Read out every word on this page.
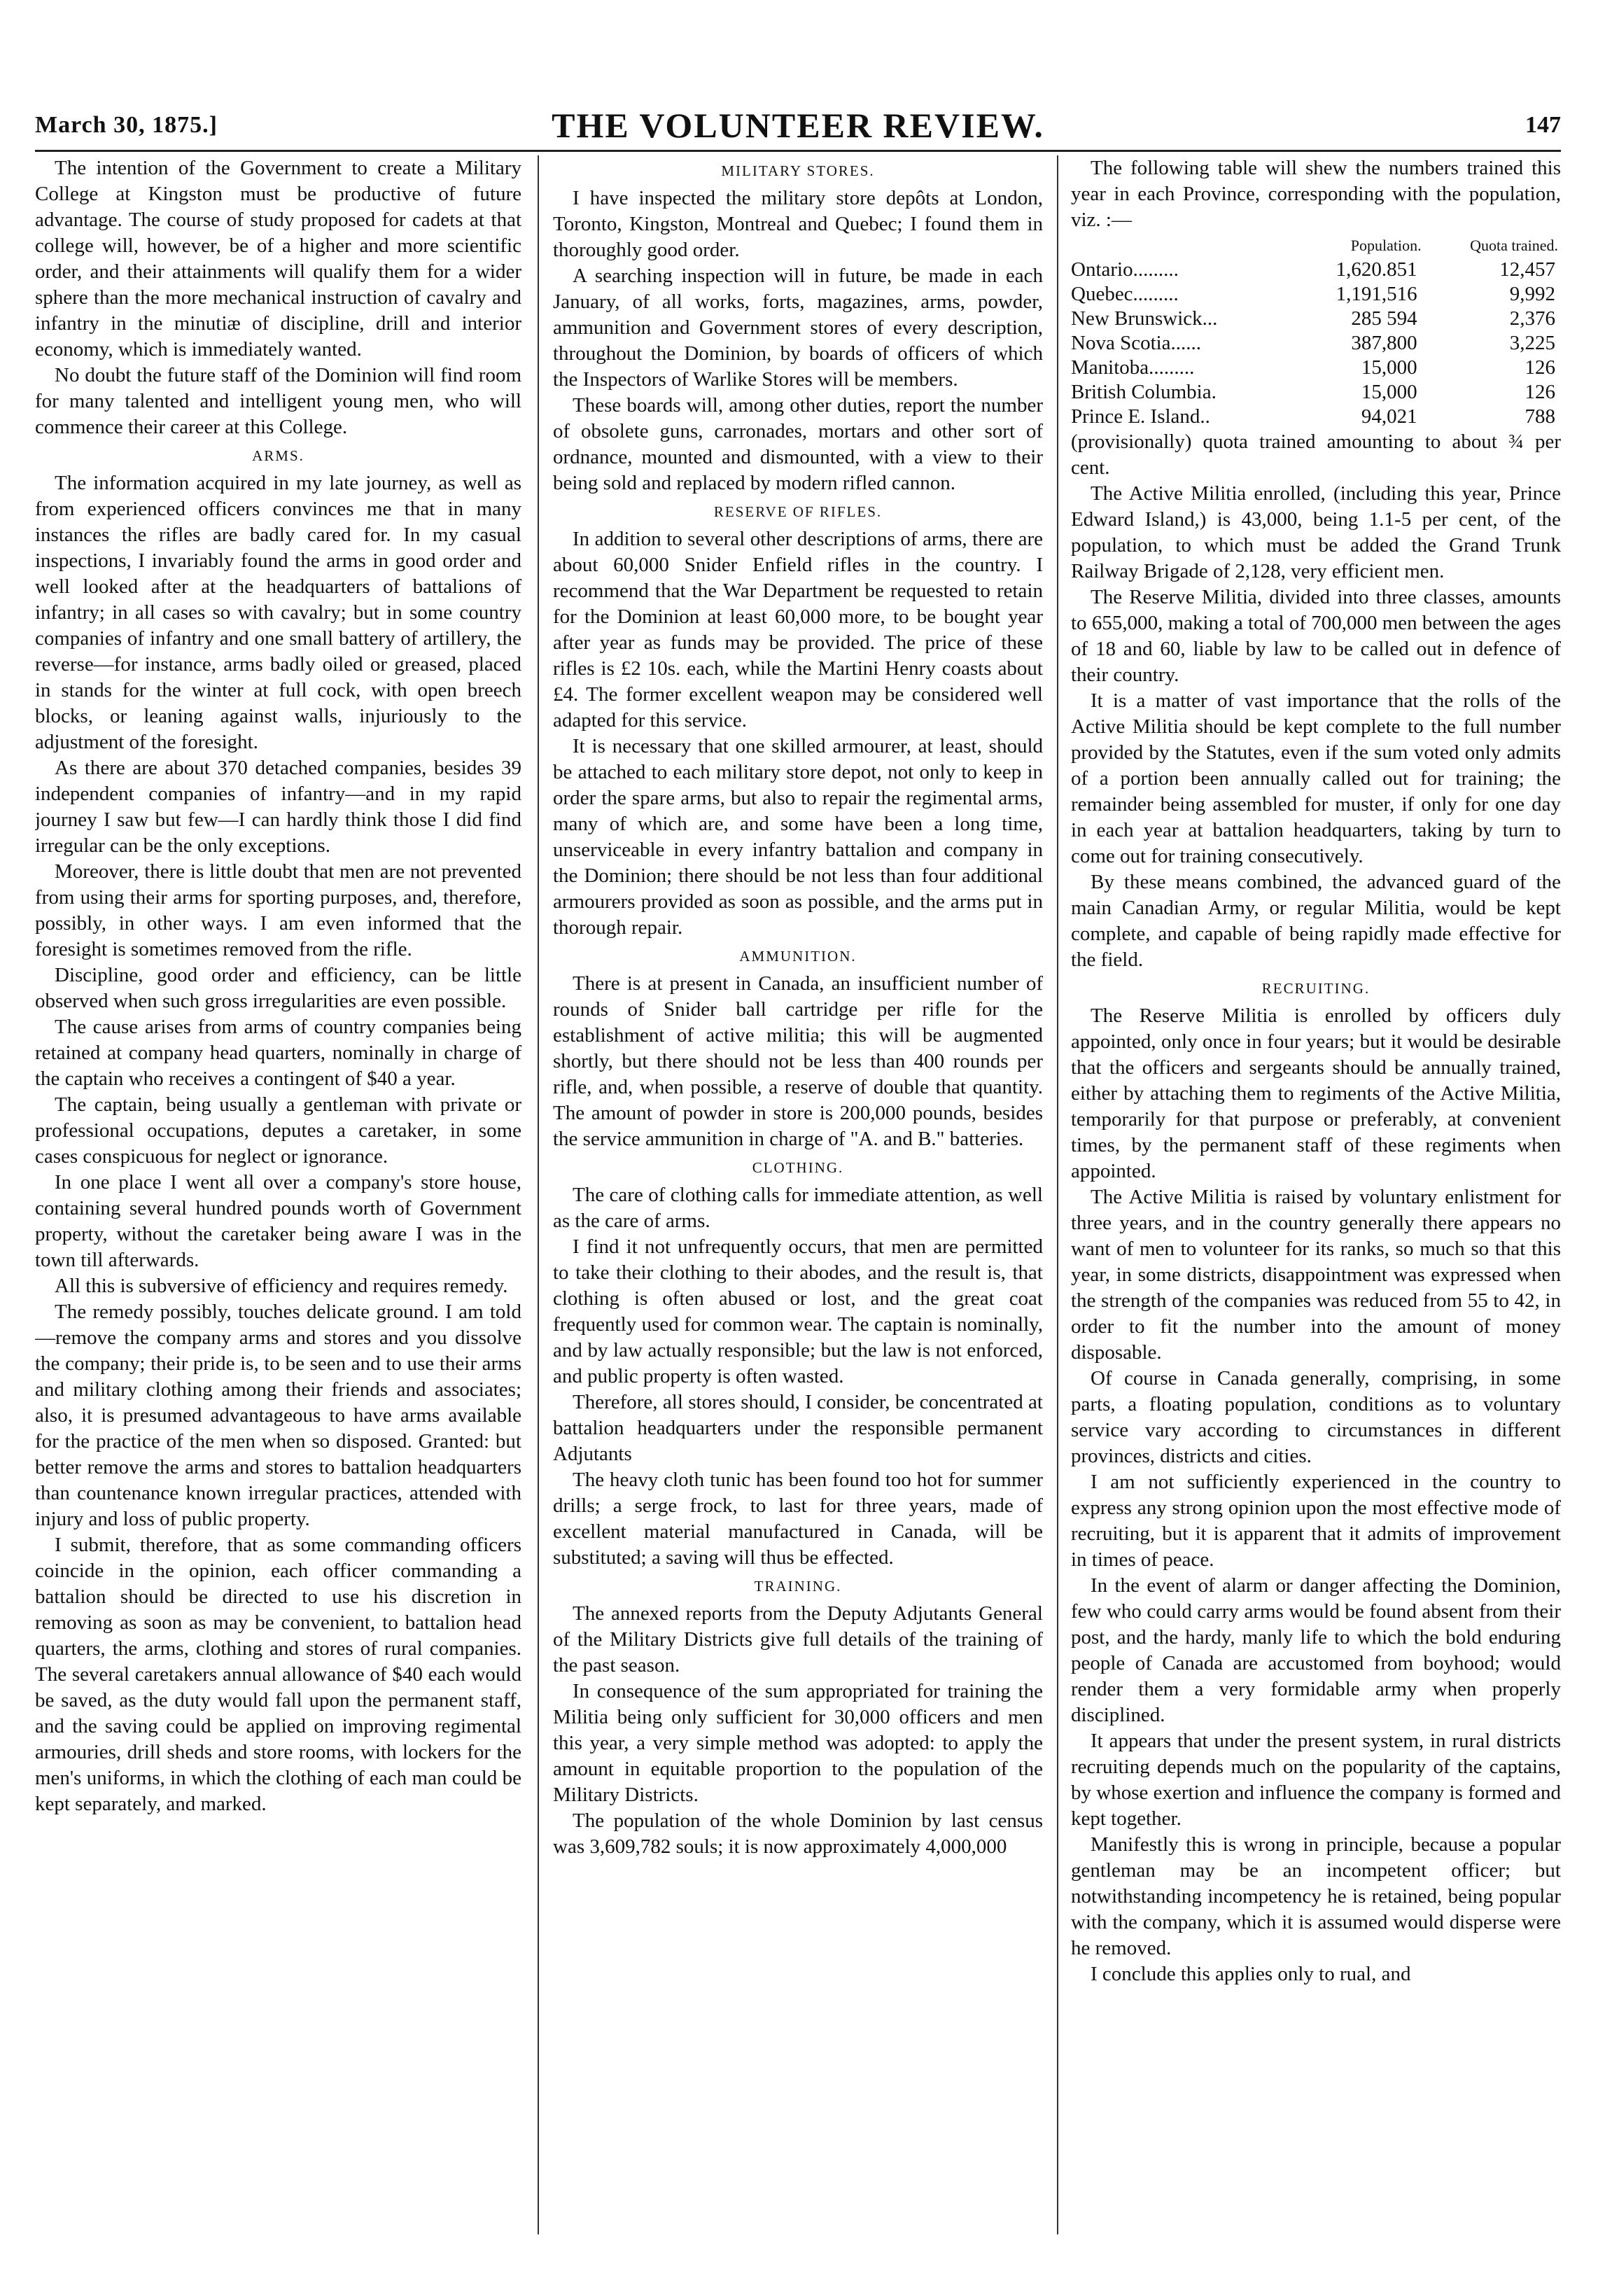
March 30, 1875.]	THE VOLUNTEER REVIEW.	147

The intention of the Government to create a Military College at Kingston must be productive of future advantage. The course of study proposed for cadets at that college will, however, be of a higher and more scientific order, and their attainments will qualify them for a wider sphere than the more mechanical instruction of cavalry and infantry in the minutiæ of discipline, drill and interior economy, which is immediately wanted.

No doubt the future staff of the Dominion will find room for many talented and intelligent young men, who will commence their career at this College.

ARMS.

The information acquired in my late journey, as well as from experienced officers convinces me that in many instances the rifles are badly cared for. In my casual inspections, I invariably found the arms in good order and well looked after at the headquarters of battalions of infantry; in all cases so with cavalry; but in some country companies of infantry and one small battery of artillery, the reverse—for instance, arms badly oiled or greased, placed in stands for the winter at full cock, with open breech blocks, or leaning against walls, injuriously to the adjustment of the foresight.

As there are about 370 detached companies, besides 39 independent companies of infantry—and in my rapid journey I saw but few—I can hardly think those I did find irregular can be the only exceptions.

Moreover, there is little doubt that men are not prevented from using their arms for sporting purposes, and, therefore, possibly, in other ways. I am even informed that the foresight is sometimes removed from the rifle.

Discipline, good order and efficiency, can be little observed when such gross irregularities are even possible.

The cause arises from arms of country companies being retained at company head quarters, nominally in charge of the captain who receives a contingent of $40 a year.

The captain, being usually a gentleman with private or professional occupations, deputes a caretaker, in some cases conspicuous for neglect or ignorance.

In one place I went all over a company's store house, containing several hundred pounds worth of Government property, without the caretaker being aware I was in the town till afterwards.

All this is subversive of efficiency and requires remedy.

The remedy possibly, touches delicate ground. I am told—remove the company arms and stores and you dissolve the company; their pride is, to be seen and to use their arms and military clothing among their friends and associates; also, it is presumed advantageous to have arms available for the practice of the men when so disposed. Granted: but better remove the arms and stores to battalion headquarters than countenance known irregular practices, attended with injury and loss of public property.

I submit, therefore, that as some commanding officers coincide in the opinion, each officer commanding a battalion should be directed to use his discretion in removing as soon as may be convenient, to battalion head quarters, the arms, clothing and stores of rural companies. The several caretakers annual allowance of $40 each would be saved, as the duty would fall upon the permanent staff, and the saving could be applied on improving regimental armouries, drill sheds and store rooms, with lockers for the men's uniforms, in which the clothing of each man could be kept separately, and marked.

MILITARY STORES.

I have inspected the military store depôts at London, Toronto, Kingston, Montreal and Quebec; I found them in thoroughly good order.

A searching inspection will in future, be made in each January, of all works, forts, magazines, arms, powder, ammunition and Government stores of every description, throughout the Dominion, by boards of officers of which the Inspectors of Warlike Stores will be members.

These boards will, among other duties, report the number of obsolete guns, carronades, mortars and other sort of ordnance, mounted and dismounted, with a view to their being sold and replaced by modern rifled cannon.

RESERVE OF RIFLES.

In addition to several other descriptions of arms, there are about 60,000 Snider Enfield rifles in the country. I recommend that the War Department be requested to retain for the Dominion at least 60,000 more, to be bought year after year as funds may be provided. The price of these rifles is £2 10s. each, while the Martini Henry coasts about £4. The former excellent weapon may be considered well adapted for this service.

It is necessary that one skilled armourer, at least, should be attached to each military store depot, not only to keep in order the spare arms, but also to repair the regimental arms, many of which are, and some have been a long time, unserviceable in every infantry battalion and company in the Dominion; there should be not less than four additional armourers provided as soon as possible, and the arms put in thorough repair.

AMMUNITION.

There is at present in Canada, an insufficient number of rounds of Snider ball cartridge per rifle for the establishment of active militia; this will be augmented shortly, but there should not be less than 400 rounds per rifle, and, when possible, a reserve of double that quantity. The amount of powder in store is 200,000 pounds, besides the service ammunition in charge of "A. and B." batteries.

CLOTHING.

The care of clothing calls for immediate attention, as well as the care of arms.

I find it not unfrequently occurs, that men are permitted to take their clothing to their abodes, and the result is, that clothing is often abused or lost, and the great coat frequently used for common wear. The captain is nominally, and by law actually responsible; but the law is not enforced, and public property is often wasted.

Therefore, all stores should, I consider, be concentrated at battalion headquarters under the responsible permanent Adjutants

The heavy cloth tunic has been found too hot for summer drills; a serge frock, to last for three years, made of excellent material manufactured in Canada, will be substituted; a saving will thus be effected.

TRAINING.

The annexed reports from the Deputy Adjutants General of the Military Districts give full details of the training of the past season.

In consequence of the sum appropriated for training the Militia being only sufficient for 30,000 officers and men this year, a very simple method was adopted: to apply the amount in equitable proportion to the population of the Military Districts.

The population of the whole Dominion by last census was 3,609,782 souls; it is now approximately 4,000,000

The following table will shew the numbers trained this year in each Province, corresponding with the population, viz. :—

	Population.	Quota trained.
Ontario.........	1,620.851	12,457
Quebec.........	1,191,516	9,992
New Brunswick...	285 594	2,376
Nova Scotia......	387,800	3,225
Manitoba.........	15,000	126
British Columbia.	15,000	126
Prince E. Island..	94,021	788

(provisionally) quota trained amounting to about ¾ per cent.

The Active Militia enrolled, (including this year, Prince Edward Island,) is 43,000, being 1.1-5 per cent, of the population, to which must be added the Grand Trunk Railway Brigade of 2,128, very efficient men.

The Reserve Militia, divided into three classes, amounts to 655,000, making a total of 700,000 men between the ages of 18 and 60, liable by law to be called out in defence of their country.

It is a matter of vast importance that the rolls of the Active Militia should be kept complete to the full number provided by the Statutes, even if the sum voted only admits of a portion been annually called out for training; the remainder being assembled for muster, if only for one day in each year at battalion headquarters, taking by turn to come out for training consecutively.

By these means combined, the advanced guard of the main Canadian Army, or regular Militia, would be kept complete, and capable of being rapidly made effective for the field.

RECRUITING.

The Reserve Militia is enrolled by officers duly appointed, only once in four years; but it would be desirable that the officers and sergeants should be annually trained, either by attaching them to regiments of the Active Militia, temporarily for that purpose or preferably, at convenient times, by the permanent staff of these regiments when appointed.

The Active Militia is raised by voluntary enlistment for three years, and in the country generally there appears no want of men to volunteer for its ranks, so much so that this year, in some districts, disappointment was expressed when the strength of the companies was reduced from 55 to 42, in order to fit the number into the amount of money disposable.

Of course in Canada generally, comprising, in some parts, a floating population, conditions as to voluntary service vary according to circumstances in different provinces, districts and cities.

I am not sufficiently experienced in the country to express any strong opinion upon the most effective mode of recruiting, but it is apparent that it admits of improvement in times of peace.

In the event of alarm or danger affecting the Dominion, few who could carry arms would be found absent from their post, and the hardy, manly life to which the bold enduring people of Canada are accustomed from boyhood; would render them a very formidable army when properly disciplined.

It appears that under the present system, in rural districts recruiting depends much on the popularity of the captains, by whose exertion and influence the company is formed and kept together.

Manifestly this is wrong in principle, because a popular gentleman may be an incompetent officer; but notwithstanding incompetency he is retained, being popular with the company, which it is assumed would disperse were he removed.

I conclude this applies only to rual, and
